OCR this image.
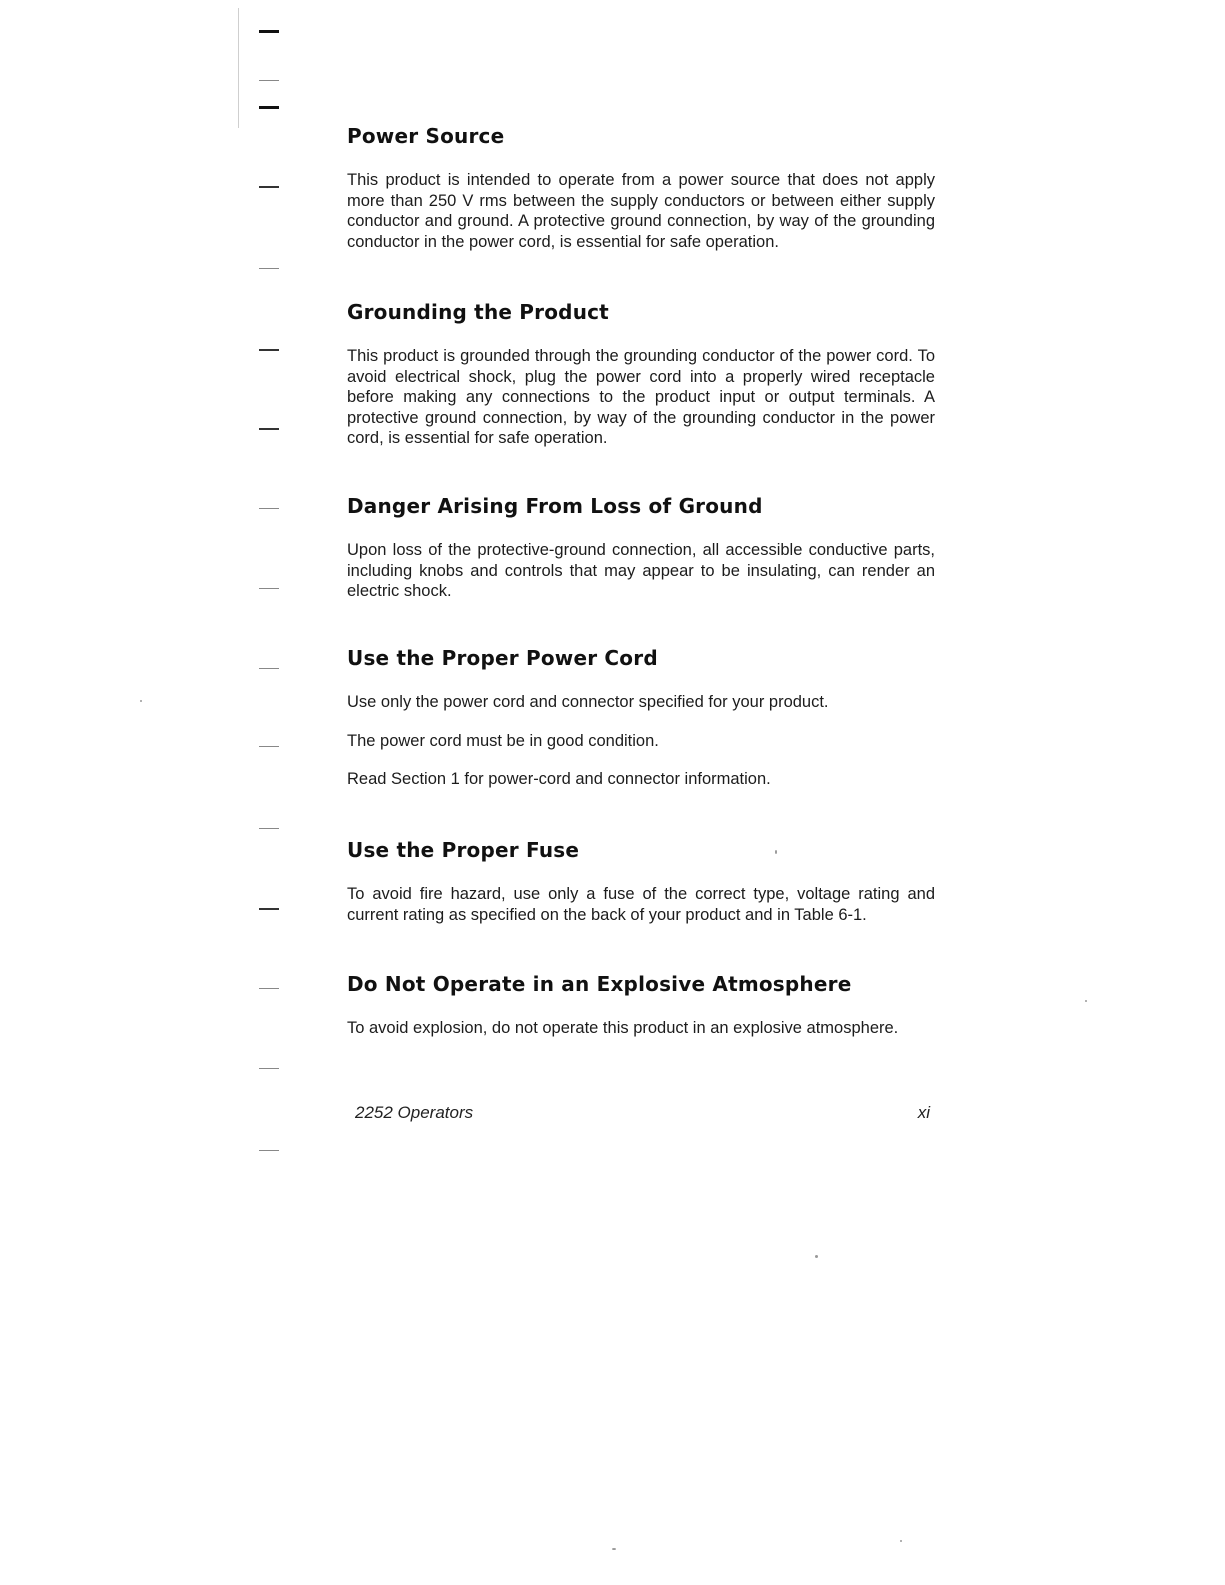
Power Source

This product is intended to operate from a power source that does not apply more than 250 V rms between the supply conductors or between either supply conductor and ground. A protective ground connection, by way of the grounding conductor in the power cord, is essential for safe operation.

Grounding the Product

This product is grounded through the grounding conductor of the power cord. To avoid electrical shock, plug the power cord into a properly wired receptacle before making any connections to the product input or output terminals. A protective ground connection, by way of the grounding conductor in the power cord, is essential for safe operation.

Danger Arising From Loss of Ground

Upon loss of the protective-ground connection, all accessible conductive parts, including knobs and controls that may appear to be insulating, can render an electric shock.

Use the Proper Power Cord

Use only the power cord and connector specified for your product.

The power cord must be in good condition.

Read Section 1 for power-cord and connector information.

Use the Proper Fuse

To avoid fire hazard, use only a fuse of the correct type, voltage rating and current rating as specified on the back of your product and in Table 6-1.

Do Not Operate in an Explosive Atmosphere

To avoid explosion, do not operate this product in an explosive atmosphere.

2252 Operators	xi
